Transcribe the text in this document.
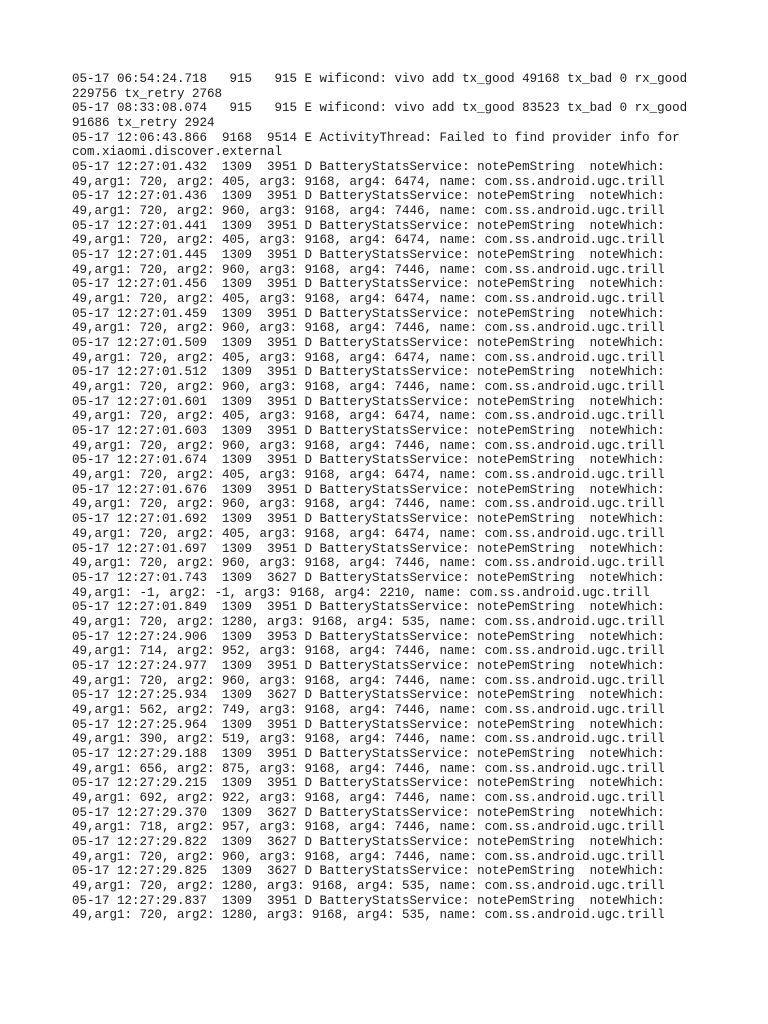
05-17 06:54:24.718   915   915 E wificond: vivo add tx_good 49168 tx_bad 0 rx_good
229756 tx_retry 2768
05-17 08:33:08.074   915   915 E wificond: vivo add tx_good 83523 tx_bad 0 rx_good
91686 tx_retry 2924
05-17 12:06:43.866  9168  9514 E ActivityThread: Failed to find provider info for
com.xiaomi.discover.external
05-17 12:27:01.432  1309  3951 D BatteryStatsService: notePemString  noteWhich:
49,arg1: 720, arg2: 405, arg3: 9168, arg4: 6474, name: com.ss.android.ugc.trill
05-17 12:27:01.436  1309  3951 D BatteryStatsService: notePemString  noteWhich:
49,arg1: 720, arg2: 960, arg3: 9168, arg4: 7446, name: com.ss.android.ugc.trill
05-17 12:27:01.441  1309  3951 D BatteryStatsService: notePemString  noteWhich:
49,arg1: 720, arg2: 405, arg3: 9168, arg4: 6474, name: com.ss.android.ugc.trill
05-17 12:27:01.445  1309  3951 D BatteryStatsService: notePemString  noteWhich:
49,arg1: 720, arg2: 960, arg3: 9168, arg4: 7446, name: com.ss.android.ugc.trill
05-17 12:27:01.456  1309  3951 D BatteryStatsService: notePemString  noteWhich:
49,arg1: 720, arg2: 405, arg3: 9168, arg4: 6474, name: com.ss.android.ugc.trill
05-17 12:27:01.459  1309  3951 D BatteryStatsService: notePemString  noteWhich:
49,arg1: 720, arg2: 960, arg3: 9168, arg4: 7446, name: com.ss.android.ugc.trill
05-17 12:27:01.509  1309  3951 D BatteryStatsService: notePemString  noteWhich:
49,arg1: 720, arg2: 405, arg3: 9168, arg4: 6474, name: com.ss.android.ugc.trill
05-17 12:27:01.512  1309  3951 D BatteryStatsService: notePemString  noteWhich:
49,arg1: 720, arg2: 960, arg3: 9168, arg4: 7446, name: com.ss.android.ugc.trill
05-17 12:27:01.601  1309  3951 D BatteryStatsService: notePemString  noteWhich:
49,arg1: 720, arg2: 405, arg3: 9168, arg4: 6474, name: com.ss.android.ugc.trill
05-17 12:27:01.603  1309  3951 D BatteryStatsService: notePemString  noteWhich:
49,arg1: 720, arg2: 960, arg3: 9168, arg4: 7446, name: com.ss.android.ugc.trill
05-17 12:27:01.674  1309  3951 D BatteryStatsService: notePemString  noteWhich:
49,arg1: 720, arg2: 405, arg3: 9168, arg4: 6474, name: com.ss.android.ugc.trill
05-17 12:27:01.676  1309  3951 D BatteryStatsService: notePemString  noteWhich:
49,arg1: 720, arg2: 960, arg3: 9168, arg4: 7446, name: com.ss.android.ugc.trill
05-17 12:27:01.692  1309  3951 D BatteryStatsService: notePemString  noteWhich:
49,arg1: 720, arg2: 405, arg3: 9168, arg4: 6474, name: com.ss.android.ugc.trill
05-17 12:27:01.697  1309  3951 D BatteryStatsService: notePemString  noteWhich:
49,arg1: 720, arg2: 960, arg3: 9168, arg4: 7446, name: com.ss.android.ugc.trill
05-17 12:27:01.743  1309  3627 D BatteryStatsService: notePemString  noteWhich:
49,arg1: -1, arg2: -1, arg3: 9168, arg4: 2210, name: com.ss.android.ugc.trill
05-17 12:27:01.849  1309  3951 D BatteryStatsService: notePemString  noteWhich:
49,arg1: 720, arg2: 1280, arg3: 9168, arg4: 535, name: com.ss.android.ugc.trill
05-17 12:27:24.906  1309  3953 D BatteryStatsService: notePemString  noteWhich:
49,arg1: 714, arg2: 952, arg3: 9168, arg4: 7446, name: com.ss.android.ugc.trill
05-17 12:27:24.977  1309  3951 D BatteryStatsService: notePemString  noteWhich:
49,arg1: 720, arg2: 960, arg3: 9168, arg4: 7446, name: com.ss.android.ugc.trill
05-17 12:27:25.934  1309  3627 D BatteryStatsService: notePemString  noteWhich:
49,arg1: 562, arg2: 749, arg3: 9168, arg4: 7446, name: com.ss.android.ugc.trill
05-17 12:27:25.964  1309  3951 D BatteryStatsService: notePemString  noteWhich:
49,arg1: 390, arg2: 519, arg3: 9168, arg4: 7446, name: com.ss.android.ugc.trill
05-17 12:27:29.188  1309  3951 D BatteryStatsService: notePemString  noteWhich:
49,arg1: 656, arg2: 875, arg3: 9168, arg4: 7446, name: com.ss.android.ugc.trill
05-17 12:27:29.215  1309  3951 D BatteryStatsService: notePemString  noteWhich:
49,arg1: 692, arg2: 922, arg3: 9168, arg4: 7446, name: com.ss.android.ugc.trill
05-17 12:27:29.370  1309  3627 D BatteryStatsService: notePemString  noteWhich:
49,arg1: 718, arg2: 957, arg3: 9168, arg4: 7446, name: com.ss.android.ugc.trill
05-17 12:27:29.822  1309  3627 D BatteryStatsService: notePemString  noteWhich:
49,arg1: 720, arg2: 960, arg3: 9168, arg4: 7446, name: com.ss.android.ugc.trill
05-17 12:27:29.825  1309  3627 D BatteryStatsService: notePemString  noteWhich:
49,arg1: 720, arg2: 1280, arg3: 9168, arg4: 535, name: com.ss.android.ugc.trill
05-17 12:27:29.837  1309  3951 D BatteryStatsService: notePemString  noteWhich:
49,arg1: 720, arg2: 1280, arg3: 9168, arg4: 535, name: com.ss.android.ugc.trill
